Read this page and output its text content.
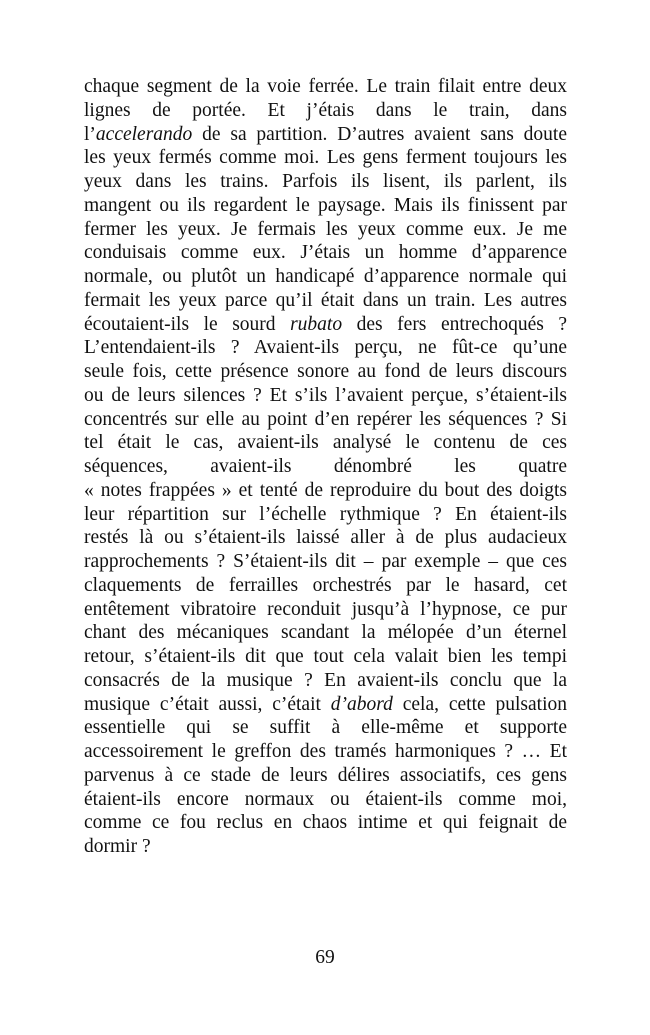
chaque segment de la voie ferrée. Le train filait entre deux
lignes de portée. Et j’étais dans le train, dans
l’accelerando de sa partition. D’autres avaient sans doute
les yeux fermés comme moi. Les gens ferment toujours les
yeux dans les trains. Parfois ils lisent, ils parlent, ils
mangent ou ils regardent le paysage. Mais ils finissent par
fermer les yeux. Je fermais les yeux comme eux. Je me
conduisais comme eux. J’étais un homme d’apparence
normale, ou plutôt un handicapé d’apparence normale qui
fermait les yeux parce qu’il était dans un train. Les autres
écoutaient-ils le sourd rubato des fers entrechoqués ?
L’entendaient-ils ? Avaient-ils perçu, ne fût-ce qu’une
seule fois, cette présence sonore au fond de leurs discours
ou de leurs silences ? Et s’ils l’avaient perçue, s’étaient-ils
concentrés sur elle au point d’en repérer les séquences ? Si
tel était le cas, avaient-ils analysé le contenu de ces
séquences, avaient-ils dénombré les quatre
« notes frappées » et tenté de reproduire du bout des doigts
leur répartition sur l’échelle rythmique ? En étaient-ils
restés là ou s’étaient-ils laissé aller à de plus audacieux
rapprochements ? S’étaient-ils dit – par exemple – que ces
claquements de ferrailles orchestrés par le hasard, cet
entêtement vibratoire reconduit jusqu’à l’hypnose, ce pur
chant des mécaniques scandant la mélopée d’un éternel
retour, s’étaient-ils dit que tout cela valait bien les tempi
consacrés de la musique ? En avaient-ils conclu que la
musique c’était aussi, c’était d’abord cela, cette pulsation
essentielle qui se suffit à elle-même et supporte
accessoirement le greffon des tramés harmoniques ? … Et
parvenus à ce stade de leurs délires associatifs, ces gens
étaient-ils encore normaux ou étaient-ils comme moi,
comme ce fou reclus en chaos intime et qui feignait de
dormir ?
69
